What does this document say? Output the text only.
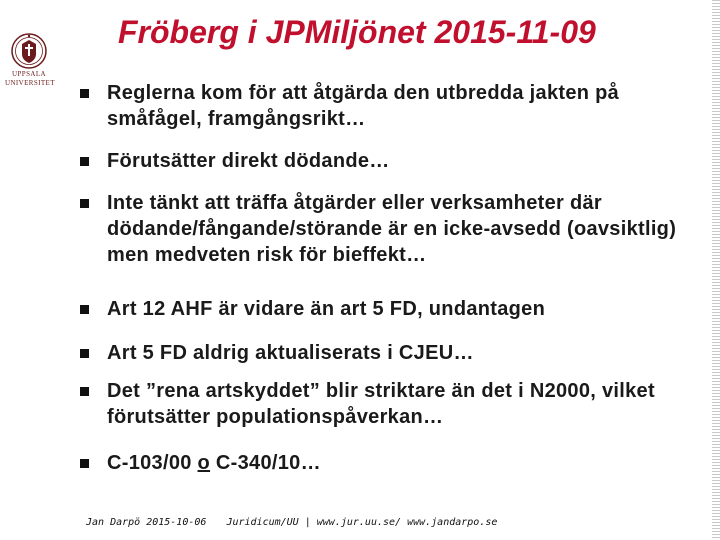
UPPSALA
UNIVERSITET
Fröberg i JPMiljönet 2015-11-09
Reglerna kom för att åtgärda den utbredda jakten på småfågel, framgångsrikt…
Förutsätter direkt dödande…
Inte tänkt att träffa åtgärder eller verksamheter där dödande/fångande/störande är en icke-avsedd (oavsiktlig) men medveten risk för bieffekt…
Art 12 AHF är vidare än art 5 FD, undantagen
Art 5 FD aldrig aktualiserats i CJEU…
Det ”rena artskyddet” blir striktare än det i N2000, vilket förutsätter populationspåverkan…
C-103/00 o C-340/10…
Jan Darpö 2015-10-06 Juridicum/UU | www.jur.uu.se/ www.jandarpo.se
